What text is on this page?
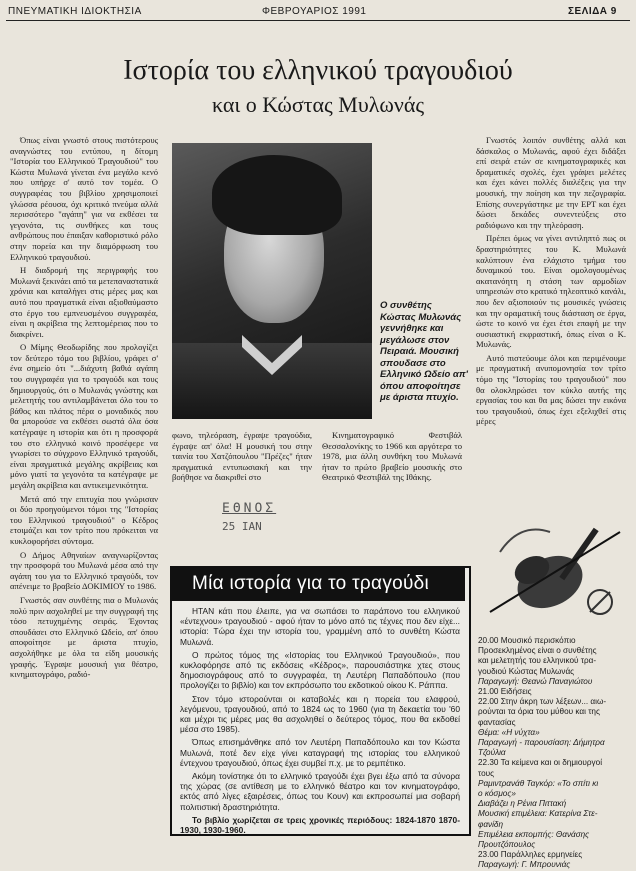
ΠΝΕΥΜΑΤΙΚΗ ΙΔΙΟΚΤΗΣΙΑ	ΦΕΒΡΟΥΑΡΙΟΣ 1991	ΣΕΛΙΔΑ 9
Ιστορία του ελληνικού τραγουδιού
και ο Κώστας Μυλωνάς

Όπως είναι γνωστό στους πιστότερους αναγνώστες του εντύπου, η δίτομη "Ιστορία του Ελληνικού Τραγουδιού" του Κώστα Μυλωνά γίνεται ένα μεγάλο κενό που υπήρχε σ' αυτό τον τομέα. Ο συγγραφέας του βιβλίου χρησιμοποιεί γλώσσα ρέουσα, όχι κριτικό πνεύμα αλλά περισσότερο "αγάπη" για να εκθέσει τα γεγονότα, τις συνθήκες και τους ανθρώπους που έπαιξαν καθοριστικό ρόλο στην πορεία και την διαμόρφωση του Ελληνικού τραγουδιού.

Η διαδρομή της περιγραφής του Μυλωνά ξεκινάει από τα μετεπαναστατικά χρόνια και καταλήγει στις μέρες μας και αυτό που πραγματικά είναι αξιοθαύμαστο στο έργο του εμπνευσμένου συγγραφέα, είναι η ακρίβεια της λεπτομέρειας που το διακρίνει.

Ο Μίμης Θεοδωρίδης που προλογίζει τον δεύτερο τόμο του βιβλίου, γράφει σ' ένα σημείο ότι "...διάχυτη βαθιά αγάπη του συγγραφέα για το τραγούδι και τους δημιουργούς, ότι ο Μυλωνάς γνώστης και μελετητής του αντιλαμβάνεται όλο του το βάθος και πλάτος πέρα ο μοναδικός που θα μπορούσε να εκθέσει σωστά όλα όσα κατέγραψε η ιστορία και ότι η προσφορά του στο ελληνικό κοινό προσέφερε να γνωρίσει το σύγχρονο Ελληνικό τραγούδι, είναι πραγματικά μεγάλης ακρίβειας και μόνο γιατί τα γεγονότα τα κατέγραψε με μεγάλη ακρίβεια και αντικειμενικότητα.

Μετά από την επιτυχία που γνώρισαν οι δύο προηγούμενοι τόμοι της "Ιστορίας του Ελληνικού τραγουδιού" ο Κέδρος ετοιμάζει και τον τρίτο που πρόκειται να κυκλοφορήσει σύντομα.

Ο Δήμος Αθηναίων αναγνωρίζοντας την προσφορά του Μυλωνά μέσα από την αγάπη του για το Ελληνικό τραγούδι, τον απένειμε το βραβείο ΔΟΚΙΜΙΟΥ το 1986.

Γνωστός σαν συνθέτης πια ο Μυλωνάς πολύ πριν ασχοληθεί με την συγγραφή της τόσο πετυχημένης σειράς. Έχοντας σπουδάσει στο Ελληνικό Ωδείο, απ' όπου αποφοίτησε με άριστα πτυχίο, ασχολήθηκε με όλα τα είδη μουσικής γραφής. Έγραψε μουσική για θέατρο, κινηματογράφο, ραδιό-

Ο συνθέτης Κώστας Μυλωνάς γεννήθηκε και μεγάλωσε στον Πειραιά. Μουσική σπουδασε στο Ελληνικό Ωδείο απ' όπου αποφοίτησε με άριστα πτυχίο.

φωνο, τηλεόραση, έγραψε τραγούδια, έγραψε απ' όλα! Η μουσική του στην ταινία του Χατζόπουλου "Πρέζες" ήταν πραγματικά εντυπωσιακή και την βοήθησε να διακριθεί στο

Κινηματογραφικό Φεστιβάλ Θεσσαλονίκης το 1966 και αργότερα το 1978, μια άλλη συνθήκη του Μυλωνά ήταν το πρώτο βραβείο μουσικής στο Θεατρικό Φεστιβάλ της Ιθάκης.

Γνωστός λοιπόν συνθέτης αλλά και δάσκαλος ο Μυλωνάς, αφού έχει διδάξει επί σειρά ετών σε κινηματογραφικές και δραματικές σχολές, έχει γράψει μελέτες και έχει κάνει πολλές διαλέξεις για την μουσική, την ποίηση και την πεζογραφία. Επίσης συνεργάστηκε με την ΕΡΤ και έχει δώσει δεκάδες συνεντεύξεις στο ραδιόφωνο και την τηλεόραση.

Πρέπει όμως να γίνει αντιληπτό πως οι δραστηριότητες του Κ. Μυλωνά καλύπτουν ένα ελάχιστο τμήμα του δυναμικού του. Είναι ομολογουμένως ακατανόητη η στάση των αρμοδίων υπηρεσιών στο κρατικό τηλεοπτικό κανάλι, που δεν αξιοποιούν τις μουσικές γνώσεις και την οραματική τους διάσταση σε έργα, ώστε το κοινό να έχει έτσι επαφή με την ουσιαστική εκφραστική, όπως είναι ο Κ. Μυλωνάς.

Αυτό πιστεύουμε όλοι και περιμένουμε με πραγματική ανυπομονησία τον τρίτο τόμο της "Ιστορίας του τραγουδιού" που θα ολοκληρώσει τον κύκλο αυτής της εργασίας του και θα μας δώσει την εικόνα του τραγουδιού, όπως έχει εξελιχθεί στις μέρες

ΕΘΝΟΣ
25 ΙΑΝ
Μία ιστορία για το τραγούδι

ΗΤΑΝ κάτι που έλειπε, για να σωπάσει το παράπονο του ελληνικού «έντεχνου» τραγουδιού - αφού ήταν το μόνο από τις τέχνες που δεν είχε... ιστορία: Τώρα έχει την ιστορία του, γραμμένη από το συνθέτη Κώστα Μυλωνά.

Ο πρώτος τόμος της «Ιστορίας του Ελληνικού Τραγουδιού», που κυκλοφόρησε από τις εκδόσεις «Κέδρος», παρουσιάστηκε χτες στους δημοσιογράφους από το συγγραφέα, τη Λευτέρη Παπαδόπουλο (που προλογίζει το βιβλίο) και τον εκπρόσωπο του εκδοτικού οίκου Κ. Ράππα.

Στον τόμο ιστορούνται οι καταβολές και η πορεία του ελαφρού, λεγόμενου, τραγουδιού, από το 1824 ως το 1960 (για τη δεκαετία του '60 και μέχρι τις μέρες μας θα ασχοληθεί ο δεύτερος τόμος, που θα εκδοθεί μέσα στο 1985).

Όπως επισημάνθηκε από τον Λευτέρη Παπαδόπουλο και τον Κώστα Μυλωνά, ποτέ δεν είχε γίνει καταγραφή της ιστορίας του ελληνικού έντεχνου τραγουδιού, όπως έχει συμβεί π.χ. με το ρεμπέτικο.

Ακόμη τονίστηκε ότι το ελληνικό τραγούδι έχει βγει έξω από τα σύνορα της χώρας (σε αντίθεση με το ελληνικό θέατρο και τον κινηματογράφο, εκτός από λίγες εξαιρέσεις, όπως του Κουν) και εκπροσωπεί μια σοβαρή πολιτιστική δραστηριότητα.

Το βιβλίο χωρίζεται σε τρεις χρονικές περιόδους: 1824-1870 1870-1930, 1930-1960.

20.00 Μουσικό περισκόπιο
Προσεκλημένος είναι ο συνθέτης
και μελετητής του ελληνικού τρα-
γουδιού Κώστας Μυλωνάς
Παραγωγή: Θεανώ Παναγιώτου
21.00 Ειδήσεις
22.00 Στην άκρη των λέξεων... αιω-
ρούνται τα όρια του μύθου και της
φαντασίας
Θέμα: «Η νύχτα»
Παραγωγή - παρουσίαση: Δήμητρα
Τζούλια
22.30 Τα κείμενα και οι δημιουργοί
τους
Ραμιντρανάθ Ταγκόρ: «Το σπίτι κι
ο κόσμος»
Διαβάζει η Ρένια Πιττακή
Μουσική επιμέλεια: Κατερίνα Στε-
φανίδη
Επιμέλεια εκπομπής: Θανάσης
Προυτζόπουλος
23.00 Παράλληλες ερμηνείες
Παραγωγή: Γ. Μπρουνιάς
